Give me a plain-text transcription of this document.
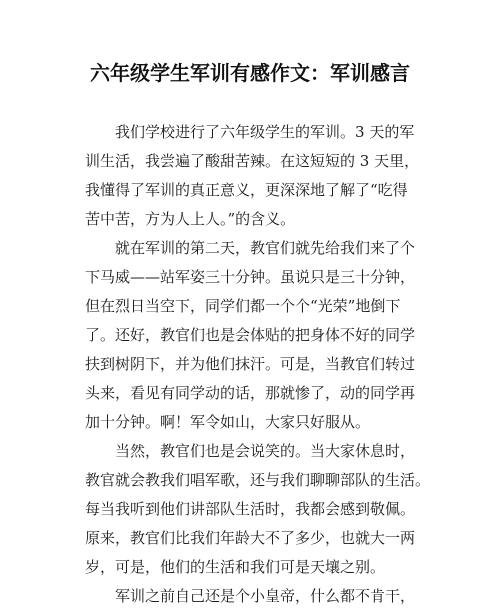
六年级学生军训有感作文：军训感言
我们学校进行了六年级学生的军训。3 天的军
训生活，我尝遍了酸甜苦辣。在这短短的 3 天里，
我懂得了军训的真正意义，更深深地了解了“吃得
苦中苦，方为人上人。”的含义。
就在军训的第二天，教官们就先给我们来了个
下马威——站军姿三十分钟。虽说只是三十分钟，
但在烈日当空下，同学们都一个个“光荣”地倒下
了。还好，教官们也是会体贴的把身体不好的同学
扶到树阴下，并为他们抹汗。可是，当教官们转过
头来，看见有同学动的话，那就惨了，动的同学再
加十分钟。啊！军令如山，大家只好服从。
当然，教官们也是会说笑的。当大家休息时，
教官就会教我们唱军歌，还与我们聊聊部队的生活。
每当我听到他们讲部队生活时，我都会感到敬佩。
原来，教官们比我们年龄大不了多少，也就大一两
岁，可是，他们的生活和我们可是天壤之别。
军训之前自己还是个小皇帝，什么都不肯干，
